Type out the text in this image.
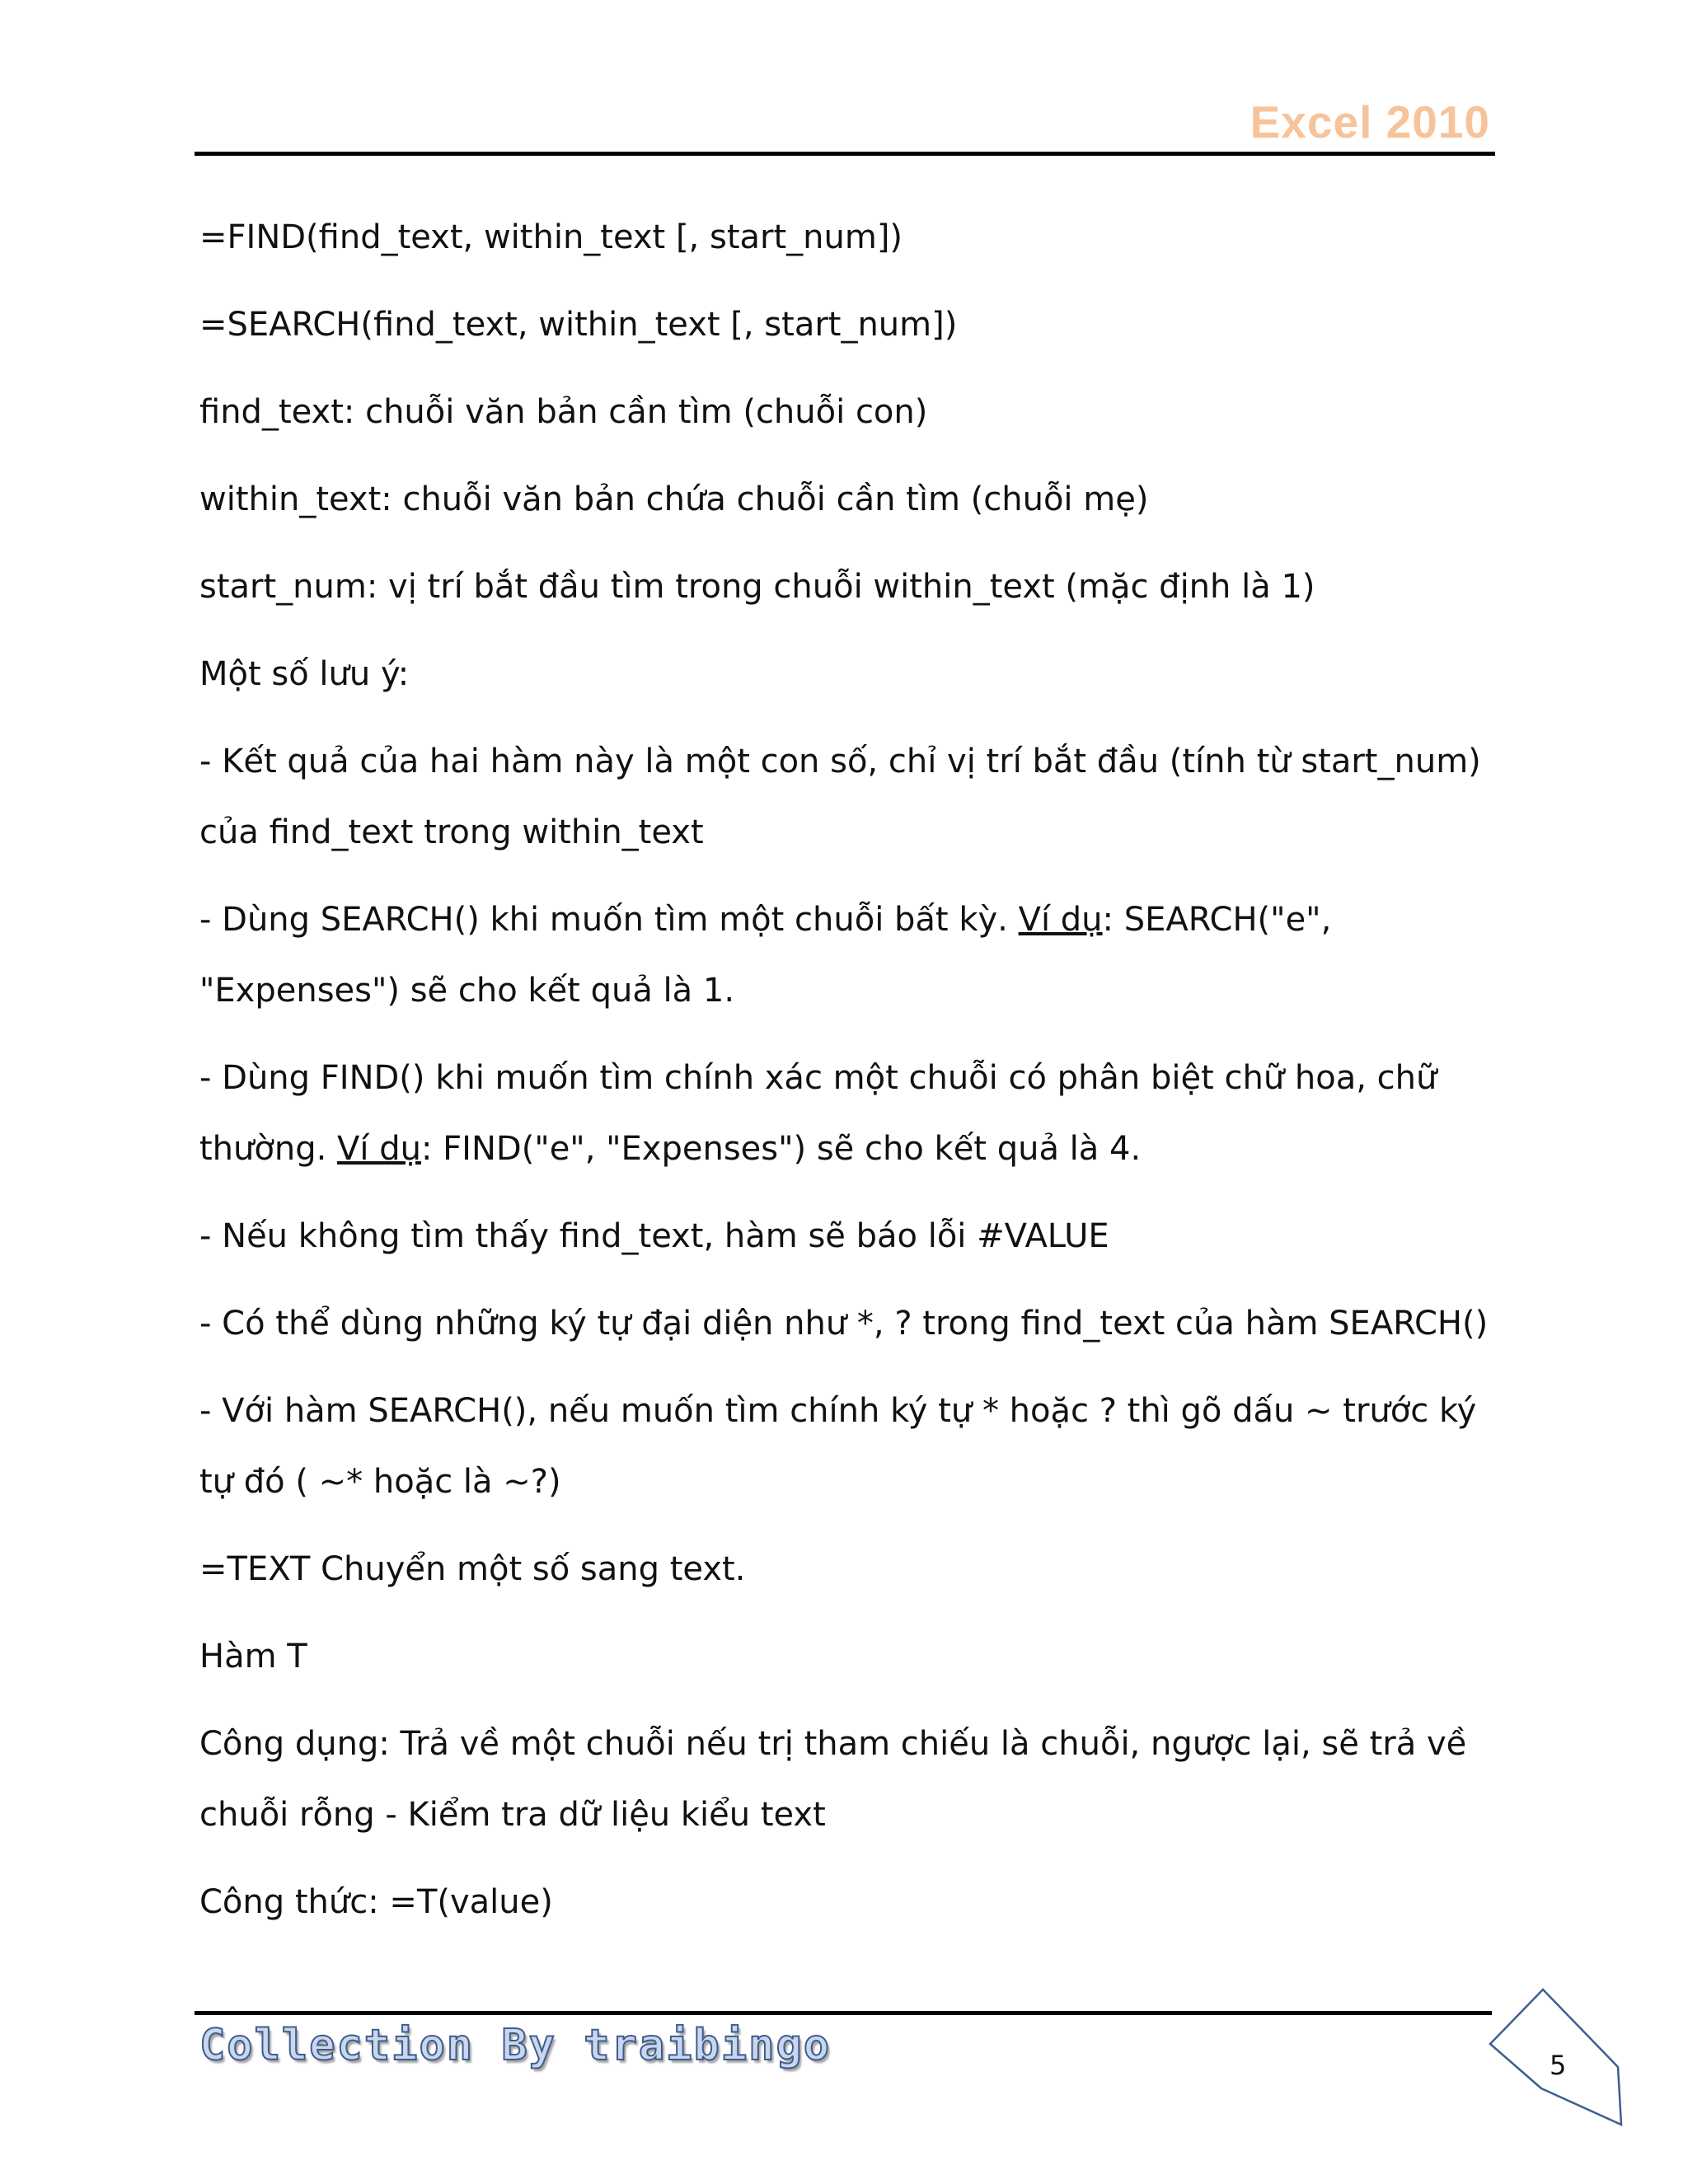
Excel 2010

=FIND(find_text, within_text [, start_num])

=SEARCH(find_text, within_text [, start_num])

find_text: chuỗi văn bản cần tìm (chuỗi con)

within_text: chuỗi văn bản chứa chuỗi cần tìm (chuỗi mẹ)

start_num: vị trí bắt đầu tìm trong chuỗi within_text (mặc định là 1)

Một số lưu ý:

- Kết quả của hai hàm này là một con số, chỉ vị trí bắt đầu (tính từ start_num) của find_text trong within_text

- Dùng SEARCH() khi muốn tìm một chuỗi bất kỳ. Ví dụ: SEARCH("e", "Expenses") sẽ cho kết quả là 1.

- Dùng FIND() khi muốn tìm chính xác một chuỗi có phân biệt chữ hoa, chữ thường. Ví dụ: FIND("e", "Expenses") sẽ cho kết quả là 4.

- Nếu không tìm thấy find_text, hàm sẽ báo lỗi #VALUE

- Có thể dùng những ký tự đại diện như *, ? trong find_text của hàm SEARCH()

- Với hàm SEARCH(), nếu muốn tìm chính ký tự * hoặc ? thì gõ dấu ~ trước ký tự đó ( ~* hoặc là ~?)

=TEXT Chuyển một số sang text.

Hàm T

Công dụng: Trả về một chuỗi nếu trị tham chiếu là chuỗi, ngược lại, sẽ trả về chuỗi rỗng - Kiểm tra dữ liệu kiểu text

Công thức: =T(value)

Collection By traibingo	5
